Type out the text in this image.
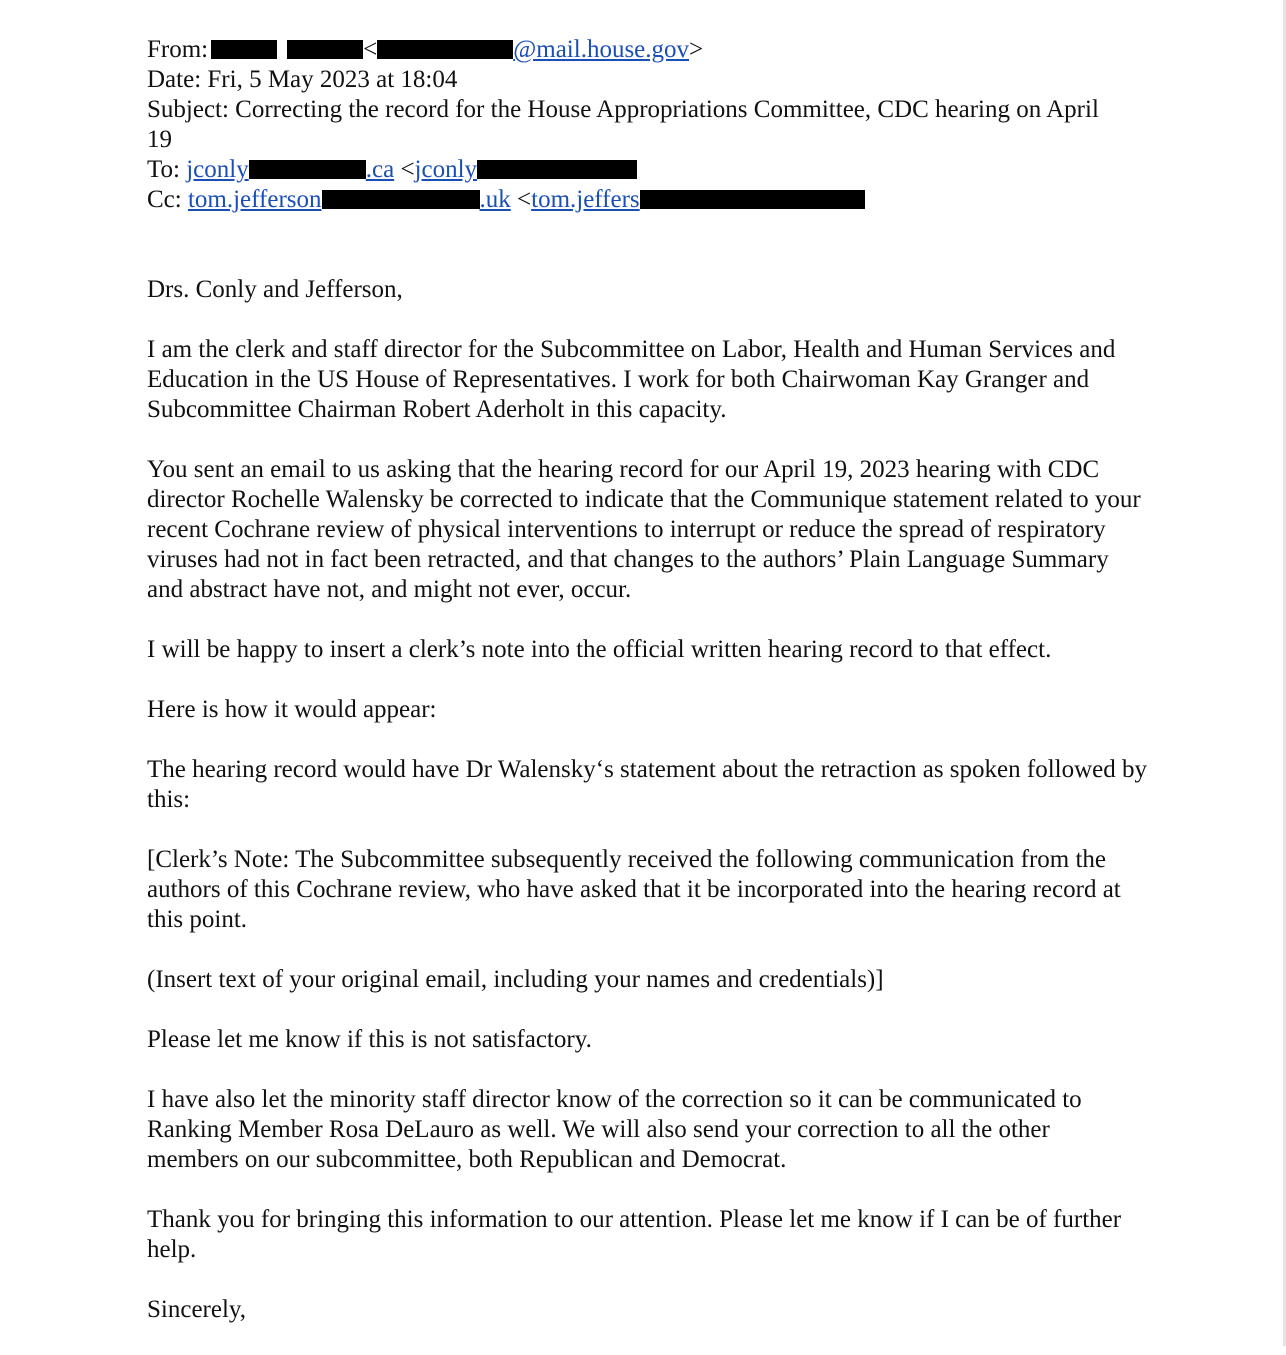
From:	<	@mail.house.gov>
Date: Fri, 5 May 2023 at 18:04
Subject: Correcting the record for the House Appropriations Committee, CDC hearing on April 19
To: jconly	.ca <jconly
Cc: tom.jefferson	.uk <tom.jeffers

Drs. Conly and Jefferson,

I am the clerk and staff director for the Subcommittee on Labor, Health and Human Services and Education in the US House of Representatives. I work for both Chairwoman Kay Granger and Subcommittee Chairman Robert Aderholt in this capacity.

You sent an email to us asking that the hearing record for our April 19, 2023 hearing with CDC director Rochelle Walensky be corrected to indicate that the Communique statement related to your recent Cochrane review of physical interventions to interrupt or reduce the spread of respiratory viruses had not in fact been retracted, and that changes to the authors’ Plain Language Summary and abstract have not, and might not ever, occur.

I will be happy to insert a clerk’s note into the official written hearing record to that effect.

Here is how it would appear:

The hearing record would have Dr Walensky‘s statement about the retraction as spoken followed by this:

[Clerk’s Note: The Subcommittee subsequently received the following communication from the authors of this Cochrane review, who have asked that it be incorporated into the hearing record at this point.

(Insert text of your original email, including your names and credentials)]

Please let me know if this is not satisfactory.

I have also let the minority staff director know of the correction so it can be communicated to Ranking Member Rosa DeLauro as well. We will also send your correction to all the other members on our subcommittee, both Republican and Democrat.

Thank you for bringing this information to our attention. Please let me know if I can be of further help.

Sincerely,
